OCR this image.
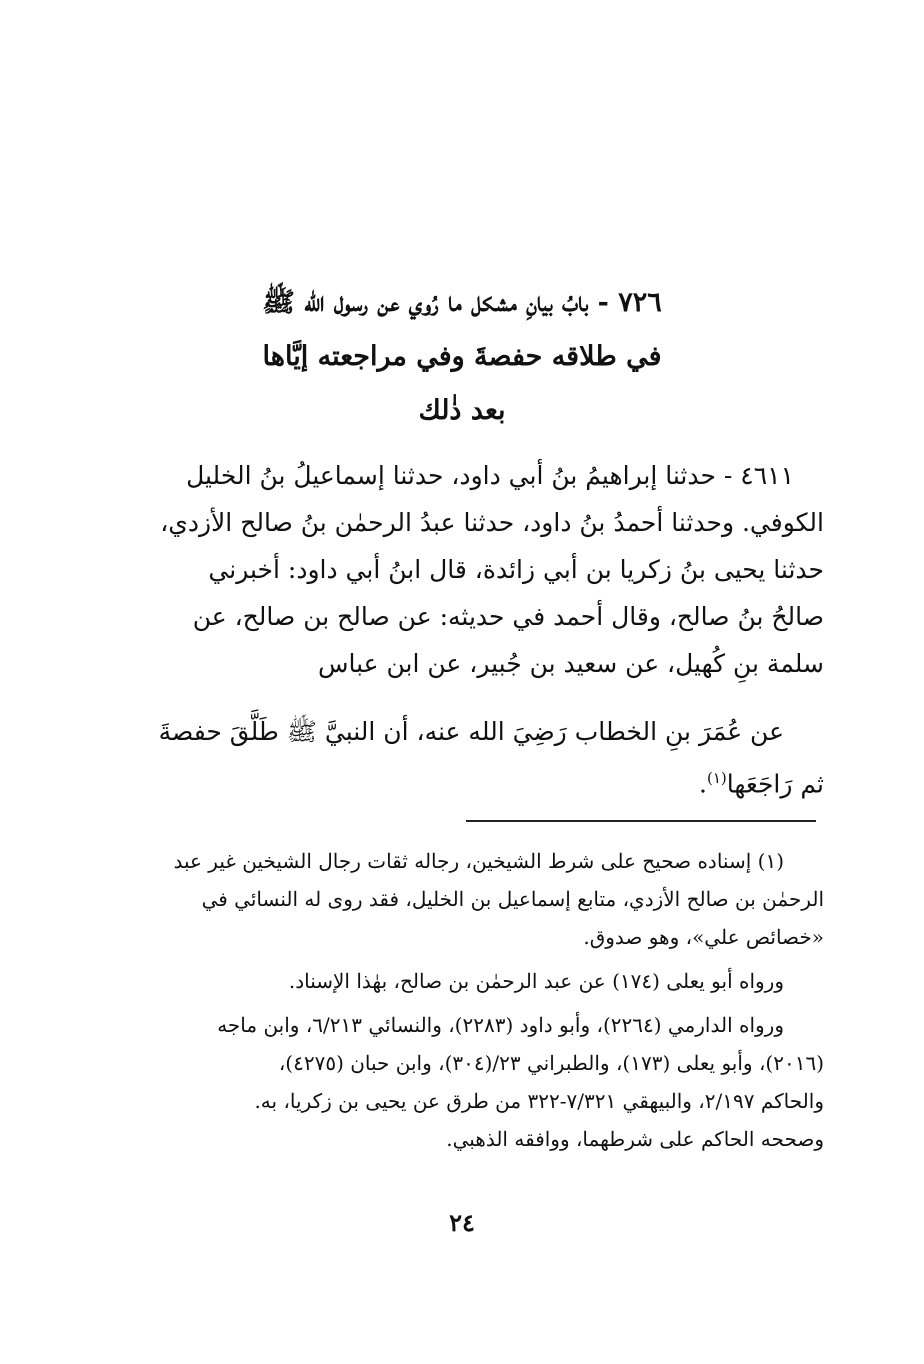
٧٢٦ - بابُ بيانِ مشكل ما رُوي عن رسول الله ﷺ
في طلاقه حفصةَ وفي مراجعته إيَّاها
بعد ذٰلك
٤٦١١ - حدثنا إبراهيمُ بنُ أبي داود، حدثنا إسماعيلُ بنُ الخليل
الكوفي. وحدثنا أحمدُ بنُ داود، حدثنا عبدُ الرحمٰن بنُ صالح الأزدي،
حدثنا يحيى بنُ زكريا بن أبي زائدة، قال ابنُ أبي داود: أخبرني
صالحُ بنُ صالح، وقال أحمد في حديثه: عن صالح بن صالح، عن
سلمة بنِ كُهيل، عن سعيد بن جُبير، عن ابن عباس
عن عُمَرَ بنِ الخطاب رَضِيَ الله عنه، أن النبيَّ ﷺ طَلَّقَ حفصةَ
ثم رَاجَعَها$^{(١)}$.

(١) إسناده صحيح على شرط الشيخين، رجاله ثقات رجال الشيخين غير عبد
الرحمٰن بن صالح الأزدي، متابع إسماعيل بن الخليل، فقد روى له النسائي في
«خصائص علي»، وهو صدوق.

ورواه أبو يعلى (١٧٤) عن عبد الرحمٰن بن صالح، بهٰذا الإسناد.

ورواه الدارمي (٢٢٦٤)، وأبو داود (٢٢٨٣)، والنسائي ٦/٢١٣، وابن ماجه
(٢٠١٦)، وأبو يعلى (١٧٣)، والطبراني ٢٣/(٣٠٤)، وابن حبان (٤٢٧٥)،
والحاكم ٢/١٩٧، والبيهقي ٧/٣٢١-٣٢٢ من طرق عن يحيى بن زكريا، به.
وصححه الحاكم على شرطهما، ووافقه الذهبي.

٢٤
